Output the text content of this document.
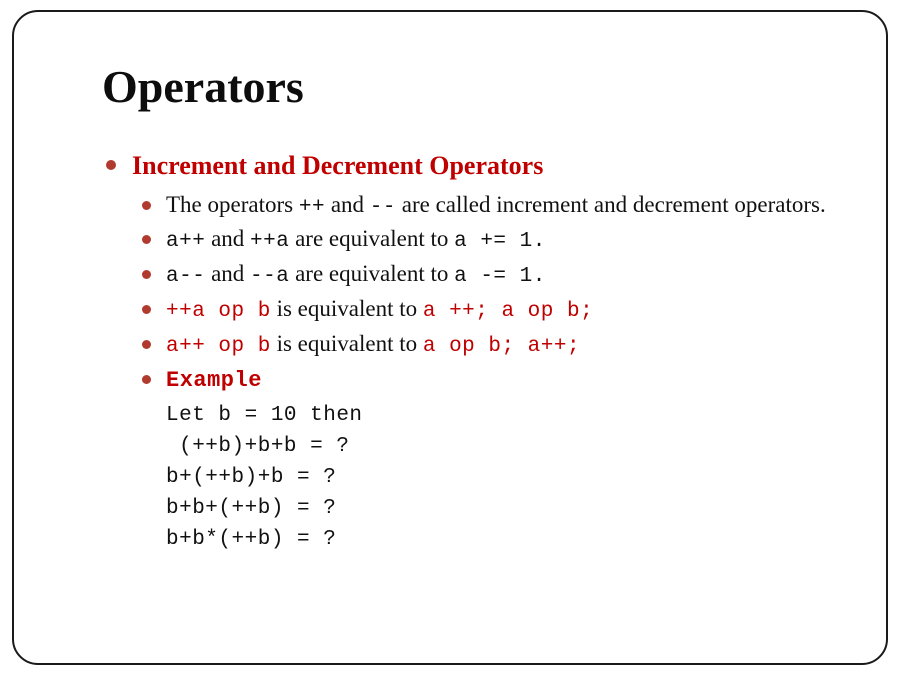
Operators
Increment and Decrement Operators
The operators ++ and -- are called increment and decrement operators.
a++ and ++a are equivalent to a += 1.
a-- and --a are equivalent to a -= 1.
++a op b is equivalent to a ++; a op b;
a++ op b is equivalent to a op b; a++;
Example
Let b = 10 then
(++b)+b+b = ?
b+(++b)+b = ?
b+b+(++b) = ?
b+b*(++b) = ?
